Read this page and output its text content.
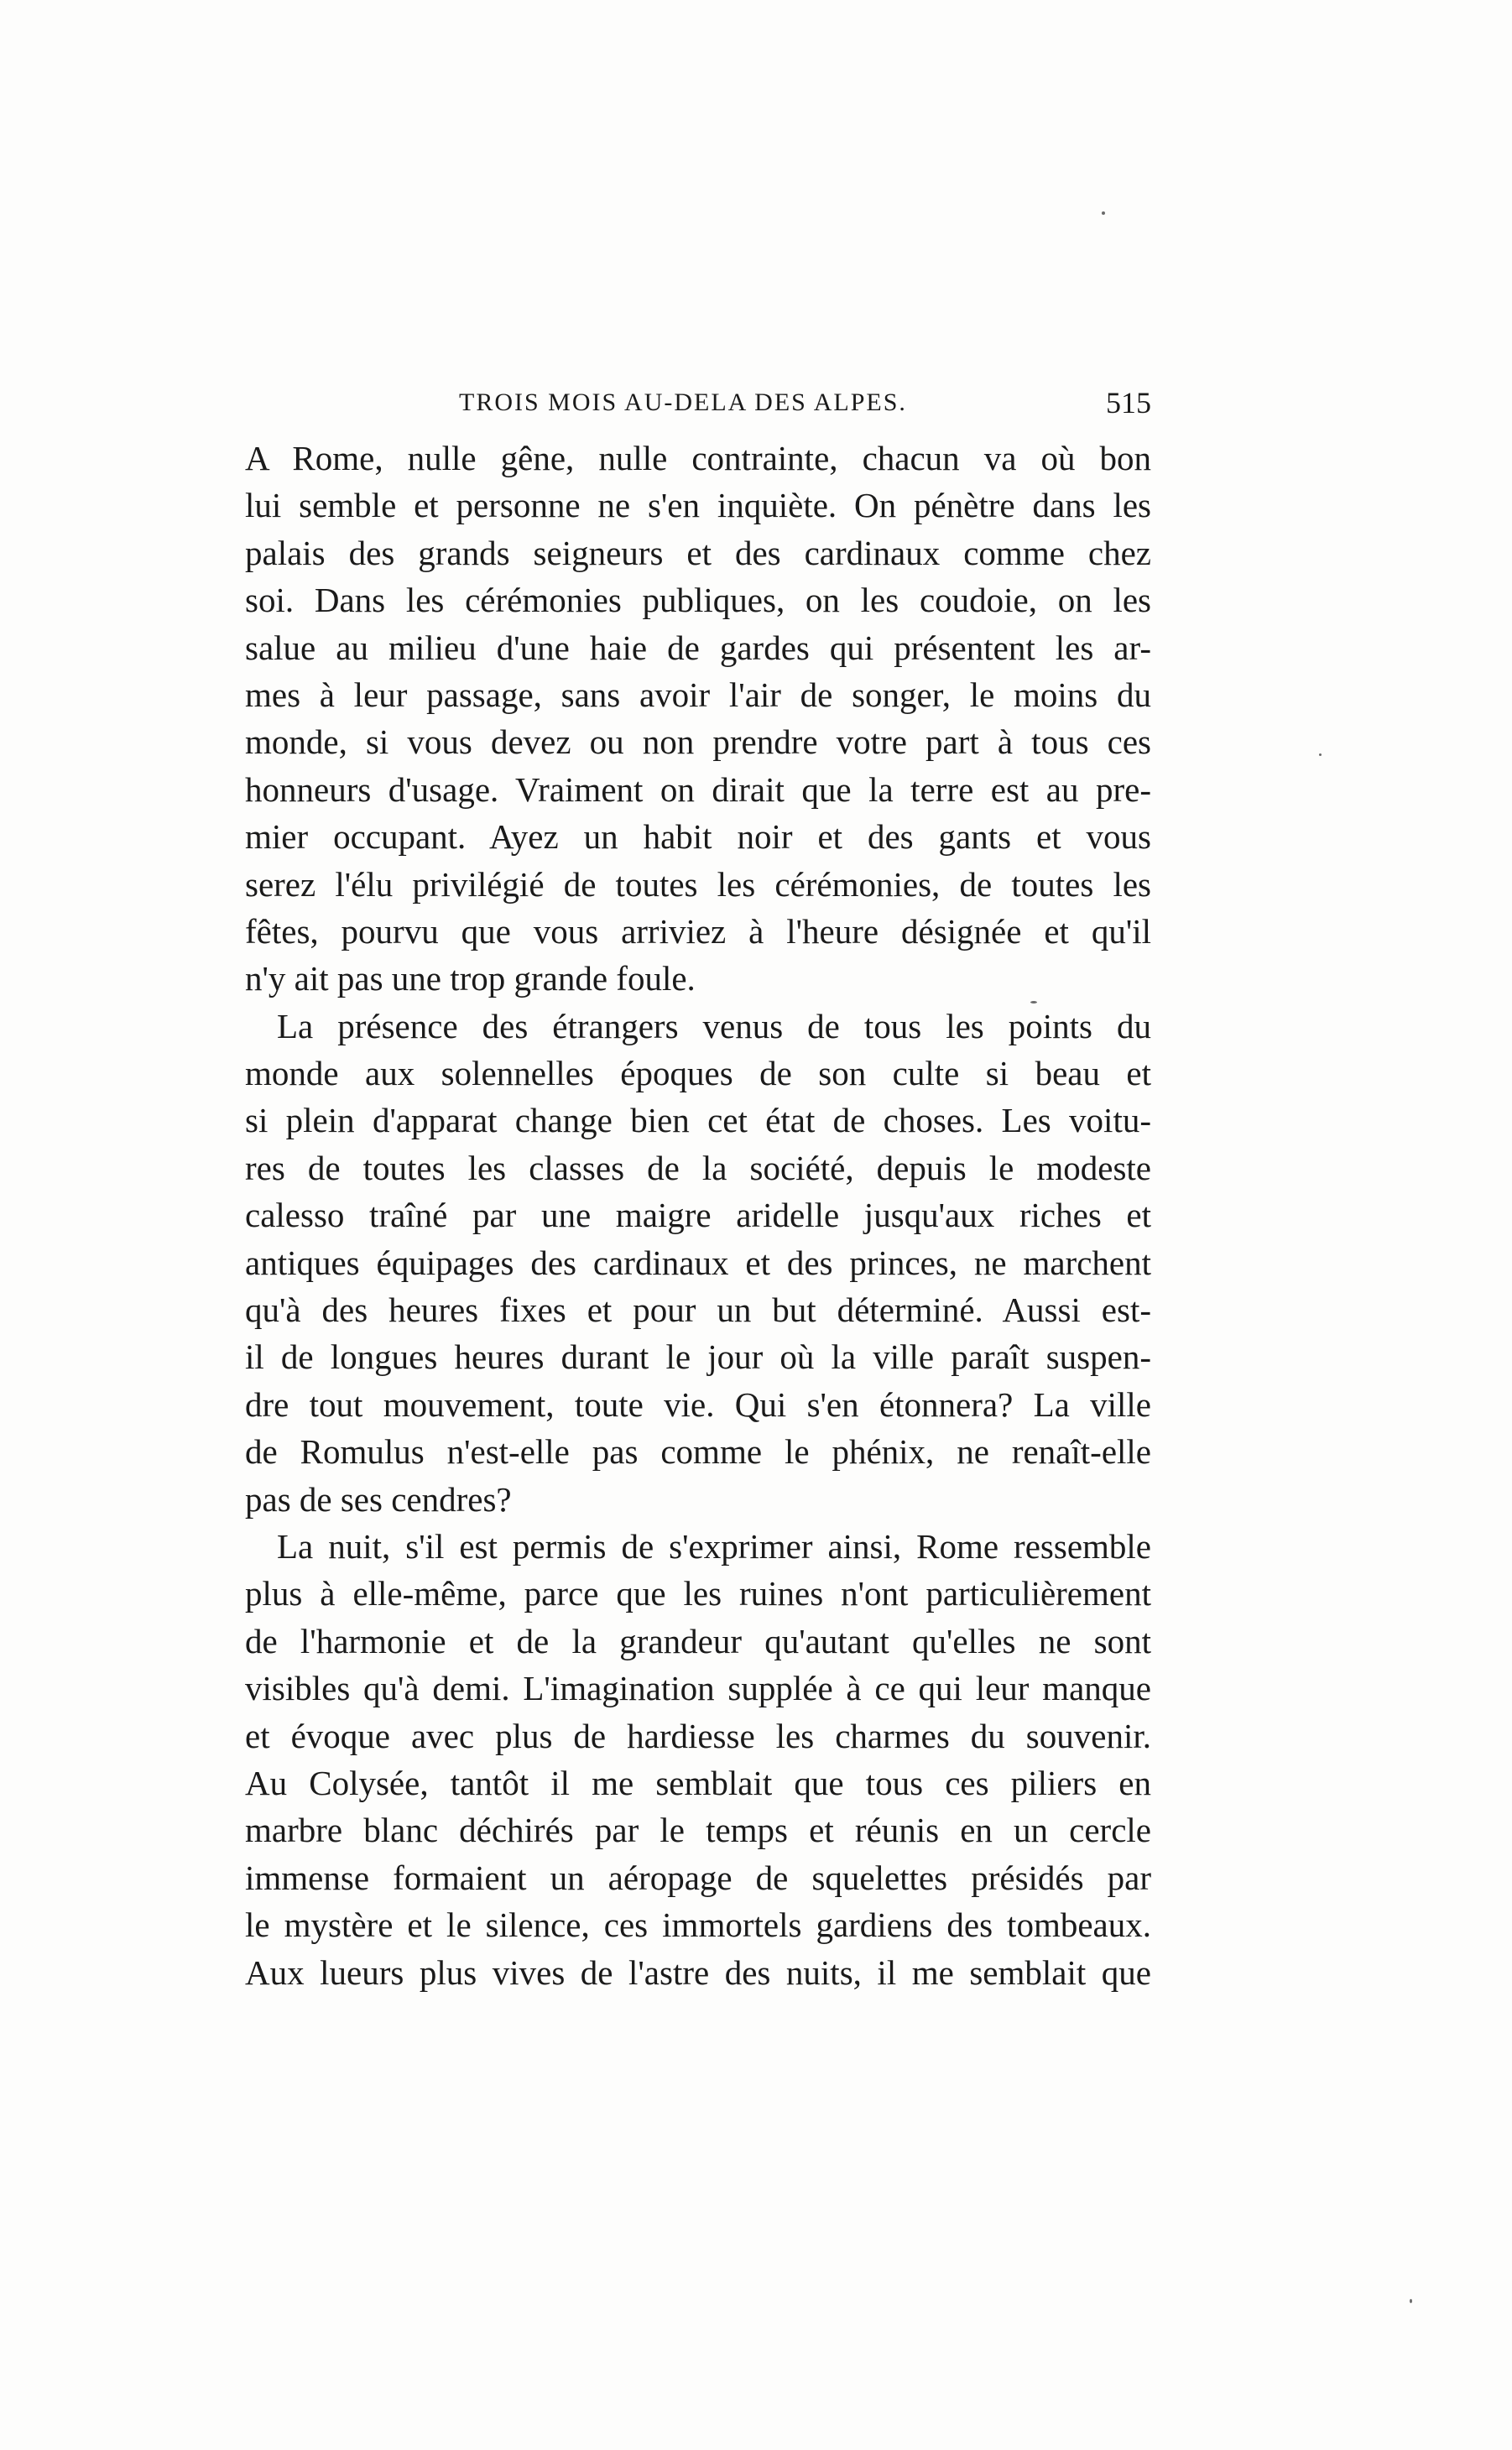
TROIS MOIS AU-DELA DES ALPES.	515
A Rome, nulle gêne, nulle contrainte, chacun va où bon
lui semble et personne ne s'en inquiète. On pénètre dans les
palais des grands seigneurs et des cardinaux comme chez
soi. Dans les cérémonies publiques, on les coudoie, on les
salue au milieu d'une haie de gardes qui présentent les ar-
mes à leur passage, sans avoir l'air de songer, le moins du
monde, si vous devez ou non prendre votre part à tous ces
honneurs d'usage. Vraiment on dirait que la terre est au pre-
mier occupant. Ayez un habit noir et des gants et vous
serez l'élu privilégié de toutes les cérémonies, de toutes les
fêtes, pourvu que vous arriviez à l'heure désignée et qu'il
n'y ait pas une trop grande foule.
La présence des étrangers venus de tous les points du
monde aux solennelles époques de son culte si beau et
si plein d'apparat change bien cet état de choses. Les voitu-
res de toutes les classes de la société, depuis le modeste
calesso traîné par une maigre aridelle jusqu'aux riches et
antiques équipages des cardinaux et des princes, ne marchent
qu'à des heures fixes et pour un but déterminé. Aussi est-
il de longues heures durant le jour où la ville paraît suspen-
dre tout mouvement, toute vie. Qui s'en étonnera? La ville
de Romulus n'est-elle pas comme le phénix, ne renaît-elle
pas de ses cendres?
La nuit, s'il est permis de s'exprimer ainsi, Rome ressemble
plus à elle-même, parce que les ruines n'ont particulièrement
de l'harmonie et de la grandeur qu'autant qu'elles ne sont
visibles qu'à demi. L'imagination supplée à ce qui leur manque
et évoque avec plus de hardiesse les charmes du souvenir.
Au Colysée, tantôt il me semblait que tous ces piliers en
marbre blanc déchirés par le temps et réunis en un cercle
immense formaient un aéropage de squelettes présidés par
le mystère et le silence, ces immortels gardiens des tombeaux.
Aux lueurs plus vives de l'astre des nuits, il me semblait que
